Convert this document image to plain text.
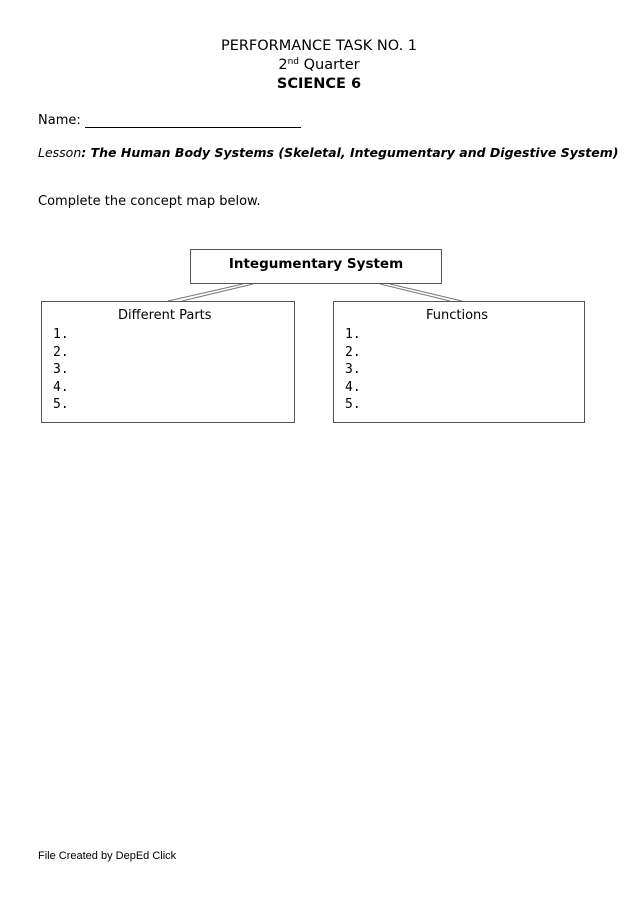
PERFORMANCE TASK NO. 1
2nd Quarter
SCIENCE 6
Name:
Lesson: The Human Body Systems (Skeletal, Integumentary and Digestive System)
Complete the concept map below.
Integumentary System
Different Parts
1.
2.
3.
4.
5.
Functions
1.
2.
3.
4.
5.
File Created by DepEd Click
